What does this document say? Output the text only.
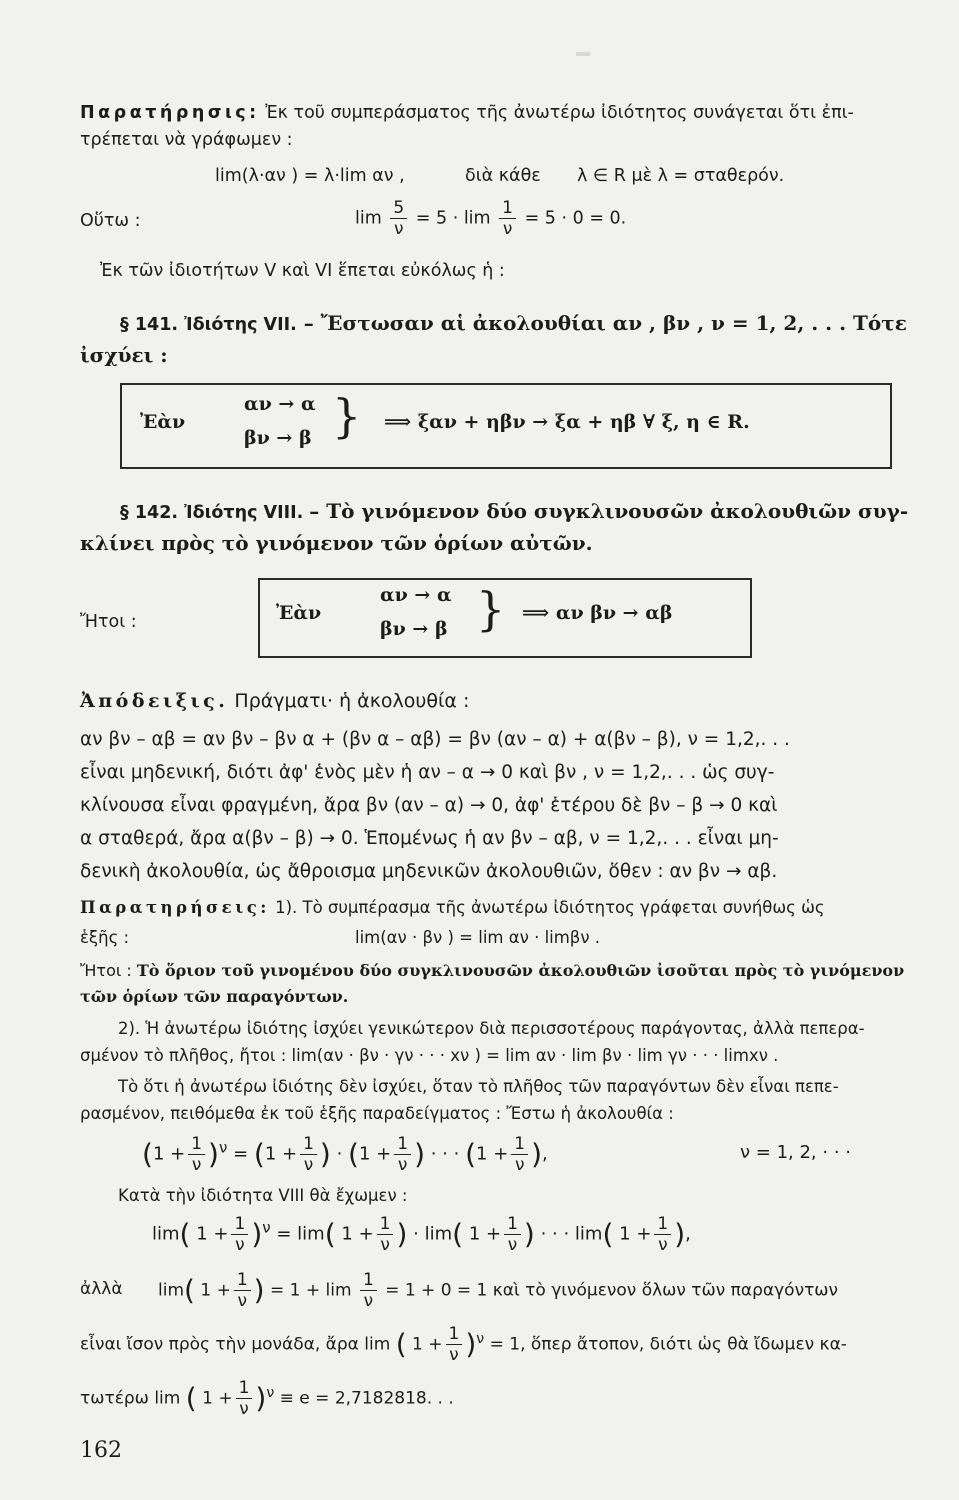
Παρατήρησις: Ἐκ τοῦ συμπεράσματος τῆς ἀνωτέρω ἰδιότητος συνάγεται ὅτι ἐπι-
τρέπεται νὰ γράφωμεν :
lim(λ·αν ) = λ·lim αν ,	διὰ κάθε λ ∈ R μὲ λ = σταθερόν.
Οὕτω :	$\lim \frac{5}{\nu} = 5 \cdot \lim \frac{1}{\nu} = 5 \cdot 0 = 0$.
Ἐκ τῶν ἰδιοτήτων V καὶ VI ἕπεται εὐκόλως ἡ :
§ 141. Ἰδιότης VII. – Ἔστωσαν αἱ ἀκολουθίαι αν , βν , ν = 1, 2, . . . Τότε
ἰσχύει :
Ἐὰν
αν → α
βν → β } ⟹ ξαν + ηβν → ξα + ηβ ∀ ξ, η ∈ R.
§ 142. Ἰδιότης VIII. – Τὸ γινόμενον δύο συγκλινουσῶν ἀκολουθιῶν συγ-
κλίνει πρὸς τὸ γινόμενον τῶν ὁρίων αὐτῶν.
Ἤτοι :	Ἐὰν
αν → α
βν → β } ⟹ αν βν → αβ
Ἀπόδειξις. Πράγματι· ἡ ἀκολουθία :
αν βν – αβ = αν βν – βν α + (βν α – αβ) = βν (αν – α) + α(βν – β), ν = 1,2,. . .
εἶναι μηδενική, διότι ἀφ' ἑνὸς μὲν ἡ αν – α → 0 καὶ βν , ν = 1,2,. . . ὡς συγ-
κλίνουσα εἶναι φραγμένη, ἄρα βν (αν – α) → 0, ἀφ' ἑτέρου δὲ βν – β → 0 καὶ
α σταθερά, ἄρα α(βν – β) → 0. Ἑπομένως ἡ αν βν – αβ, ν = 1,2,. . . εἶναι μη-
δενικὴ ἀκολουθία, ὡς ἄθροισμα μηδενικῶν ἀκολουθιῶν, ὅθεν : αν βν → αβ.
Παρατηρήσεις: 1). Τὸ συμπέρασμα τῆς ἀνωτέρω ἰδιότητος γράφεται συνήθως ὡς
ἑξῆς :	lim(αν · βν ) = lim αν · limβν .
Ἤτοι : Τὸ ὅριον τοῦ γινομένου δύο συγκλινουσῶν ἀκολουθιῶν ἰσοῦται πρὸς τὸ γινόμενον
τῶν ὁρίων τῶν παραγόντων.
2). Ἡ ἀνωτέρω ἰδιότης ἰσχύει γενικώτερον διὰ περισσοτέρους παράγοντας, ἀλλὰ πεπερα-
σμένον τὸ πλῆθος, ἤτοι : lim(αν · βν · γν · · · xν ) = lim αν · lim βν · lim γν · · · limxν .
Τὸ ὅτι ἡ ἀνωτέρω ἰδιότης δὲν ἰσχύει, ὅταν τὸ πλῆθος τῶν παραγόντων δὲν εἶναι πεπε-
ρασμένον, πειθόμεθα ἐκ τοῦ ἑξῆς παραδείγματος : Ἔστω ἡ ἀκολουθία :
$(1 + \frac{1}{\nu} )^\nu = (1 + \frac{1}{\nu}$ ) · ($1 + \frac{1}{\nu}$ ) · · · ($1 + \frac{1}{\nu}$ ),	ν = 1, 2, · · ·
Κατὰ τὴν ἰδιότητα VIII θὰ ἔχωμεν :
lim( $1 + \frac{1}{\nu} )^\nu = \lim$( $1 + \frac{1}{\nu}$ ) · lim( $1 + \frac{1}{\nu}$ ) · · · lim( $1 + \frac{1}{\nu}$ ),
ἀλλὰ lim( $1 + \frac{1}{\nu}$ ) = $1 + \lim \frac{1}{\nu} = 1 + 0 = 1$ καὶ τὸ γινόμενον ὅλων τῶν παραγόντων
εἶναι ἴσον πρὸς τὴν μονάδα, ἄρα lim ( $1 + \frac{1}{\nu} )^\nu = 1$, ὅπερ ἄτοπον, διότι ὡς θὰ ἴδωμεν κα-
τωτέρω lim ( $1 + \frac{1}{\nu} )^\nu \equiv e = 2,7182818$. . .
162
